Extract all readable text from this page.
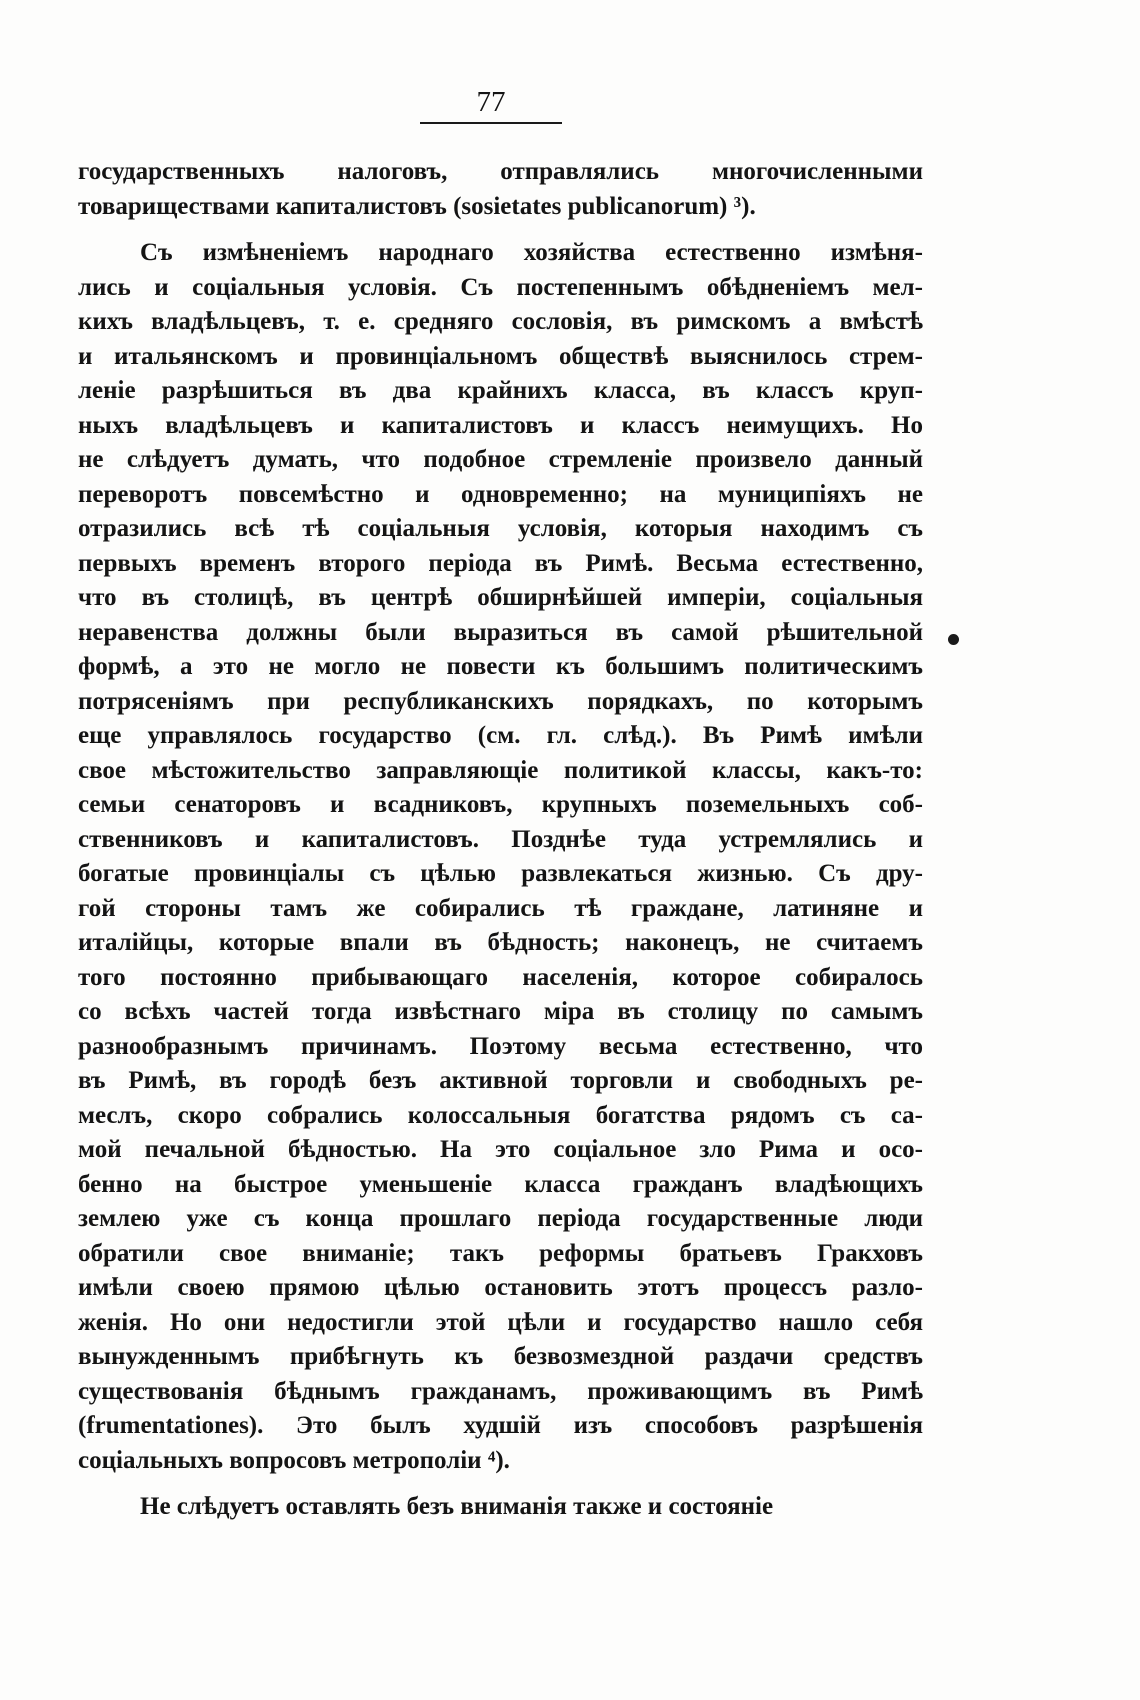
77
государственныхъ налоговъ, отправлялись многочисленными
товариществами капиталистовъ (sosietates publicanorum) ³).
Съ измѣненіемъ народнаго хозяйства естественно измѣня-
лись и соціальныя условія. Съ постепеннымъ обѣдненіемъ мел-
кихъ владѣльцевъ, т. е. средняго сословія, въ римскомъ а вмѣстѣ
и итальянскомъ и провинціальномъ обществѣ выяснилось стрем-
леніе разрѣшиться въ два крайнихъ класса, въ классъ круп-
ныхъ владѣльцевъ и капиталистовъ и классъ неимущихъ. Но
не слѣдуетъ думать, что подобное стремленіе произвело данный
переворотъ повсемѣстно и одновременно; на муниципіяхъ не
отразились всѣ тѣ соціальныя условія, которыя находимъ съ
первыхъ временъ второго періода въ Римѣ. Весьма естественно,
что въ столицѣ, въ центрѣ обширнѣйшей имперіи, соціальныя
неравенства должны были выразиться въ самой рѣшительной
формѣ, а это не могло не повести къ большимъ политическимъ
потрясеніямъ при республиканскихъ порядкахъ, по которымъ
еще управлялось государство (см. гл. слѣд.). Въ Римѣ имѣли
свое мѣстожительство заправляющіе политикой классы, какъ-то:
семьи сенаторовъ и всадниковъ, крупныхъ поземельныхъ соб-
ственниковъ и капиталистовъ. Позднѣе туда устремлялись и
богатые провинціалы съ цѣлью развлекаться жизнью. Съ дру-
гой стороны тамъ же собирались тѣ граждане, латиняне и
италійцы, которые впали въ бѣдность; наконецъ, не считаемъ
того постоянно прибывающаго населенія, которое собиралось
со всѣхъ частей тогда извѣстнаго міра въ столицу по самымъ
разнообразнымъ причинамъ. Поэтому весьма естественно, что
въ Римѣ, въ городѣ безъ активной торговли и свободныхъ ре-
меслъ, скоро собрались колоссальныя богатства рядомъ съ са-
мой печальной бѣдностью. На это соціальное зло Рима и осо-
бенно на быстрое уменьшеніе класса гражданъ владѣющихъ
землею уже съ конца прошлаго періода государственные люди
обратили свое вниманіе; такъ реформы братьевъ Гракховъ
имѣли своею прямою цѣлью остановить этотъ процессъ разло-
женія. Но они недостигли этой цѣли и государство нашло себя
вынужденнымъ прибѣгнуть къ безвозмездной раздачи средствъ
существованія бѣднымъ гражданамъ, проживающимъ въ Римѣ
(frumentationes). Это былъ худшій изъ способовъ разрѣшенія
соціальныхъ вопросовъ метрополіи ⁴).
Не слѣдуетъ оставлять безъ вниманія также и состояніе
